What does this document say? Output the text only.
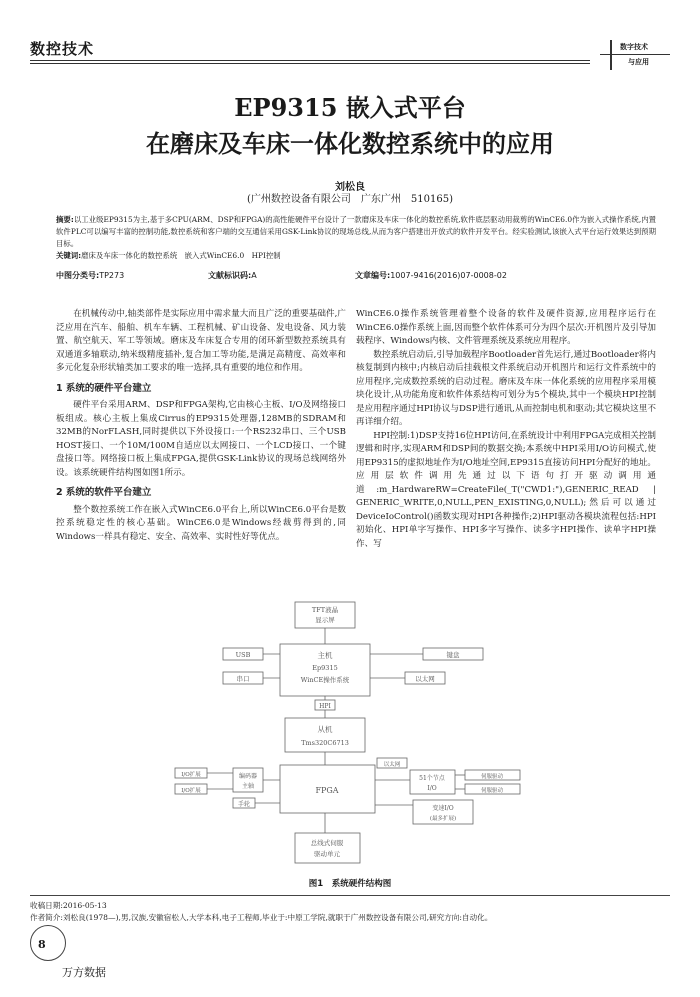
数控技术	数字技术
与应用
EP9315 嵌入式平台
在磨床及车床一体化数控系统中的应用
刘松良
(广州数控设备有限公司　广东广州　510165)
摘要:以工业级EP9315为主,基于多CPU(ARM、DSP和FPGA)的高性能硬件平台设计了一款磨床及车床一体化的数控系统,软件底层驱动用裁剪的WinCE6.0作为嵌入式操作系统,内置软件PLC可以编写丰富的控制功能,数控系统和客户端的交互通信采用GSK-Link协议的现场总线,从而为客户搭建出开放式的软件开发平台。经实验测试,该嵌入式平台运行效果达到预期目标。
关键词:磨床及车床一体化的数控系统　嵌入式WinCE6.0　HPI控制
中图分类号:TP273	文献标识码:A	文章编号:1007-9416(2016)07-0008-02

在机械传动中,轴类部件是实际应用中需求量大而且广泛的重要基础件,广泛应用在汽车、船舶、机车车辆、工程机械、矿山设备、发电设备、风力装置、航空航天、军工等领域。磨床及车床复合专用的闭环新型数控系统具有双通道多轴联动,纳米级精度插补,复合加工等功能,是满足高精度、高效率和多元化复杂形状轴类加工要求的唯一选择,具有重要的地位和作用。

1 系统的硬件平台建立

硬件平台采用ARM、DSP和FPGA架构,它由核心主板、I/O及网络接口板组成。核心主板上集成Cirrus的EP9315处理器,128MB的SDRAM和32MB的NorFLASH,同时提供以下外设接口:一个RS232串口、三个USB HOST接口、一个10M/100M自适应以太网接口、一个LCD接口、一个键盘接口等。网络接口板上集成FPGA,提供GSK-Link协议的现场总线网络外设。该系统硬件结构图如图1所示。

2 系统的软件平台建立

整个数控系统工作在嵌入式WinCE6.0平台上,所以WinCE6.0平台是数控系统稳定性的核心基础。WinCE6.0是Windows经裁剪得到的,同Windows一样具有稳定、安全、高效率、实时性好等优点。

WinCE6.0操作系统管理着整个设备的软件及硬件资源,应用程序运行在WinCE6.0操作系统上面,因而整个软件体系可分为四个层次:开机图片及引导加载程序、Windows内核、文件管理系统及系统应用程序。

数控系统启动后,引导加载程序Bootloader首先运行,通过Bootloader将内核复制到内核中;内核启动后挂载根文件系统启动开机图片和运行文件系统中的应用程序,完成数控系统的启动过程。磨床及车床一体化系统的应用程序采用模块化设计,从功能角度和软件体系结构可划分为5个模块,其中一个模块HPI控制是应用程序通过HPI协议与DSP进行通讯,从而控制电机和驱动;其它模块这里不再详细介绍。

HPI控制:1)DSP支持16位HPI访问,在系统设计中利用FPGA完成相关控制逻辑和时序,实现ARM和DSP间的数据交换;本系统中HPI采用I/O访问模式,使用EP9315的虚拟地址作为I/O地址空间,EP9315直接访问HPI分配好的地址。应用层软件调用先通过以下语句打开驱动调用通道:m_HardwareRW=CreateFile(_T("CWD1:"),GENERIC_READ | GENERIC_WRITE,0,NULL,PEN_EXISTING,0,NULL);然后可以通过DeviceIoControl()函数实现对HPI各种操作;2)HPI驱动各模块流程包括:HPI初始化、HPI单字写操作、HPI多字写操作、读多字HPI操作、读单字HPI操作、写

TFT液晶
显示屏
主机
Ep9315
WinCE操作系统
USB
串口
键盘
以太网
HPI
从机
Tms320C6713
I/O扩展
I/O扩展
编码器
主轴
手轮
FPGA
以太网
51个节点
I/O
伺服驱动
伺服驱动
变速I/O
(最多扩展)
总线式伺服
驱动单元
图1　系统硬件结构图
收稿日期:2016-05-13
作者简介:刘松良(1978—),男,汉族,安徽宿松人,大学本科,电子工程师,毕业于:中原工学院,就职于广州数控设备有限公司,研究方向:自动化。
8
万方数据
